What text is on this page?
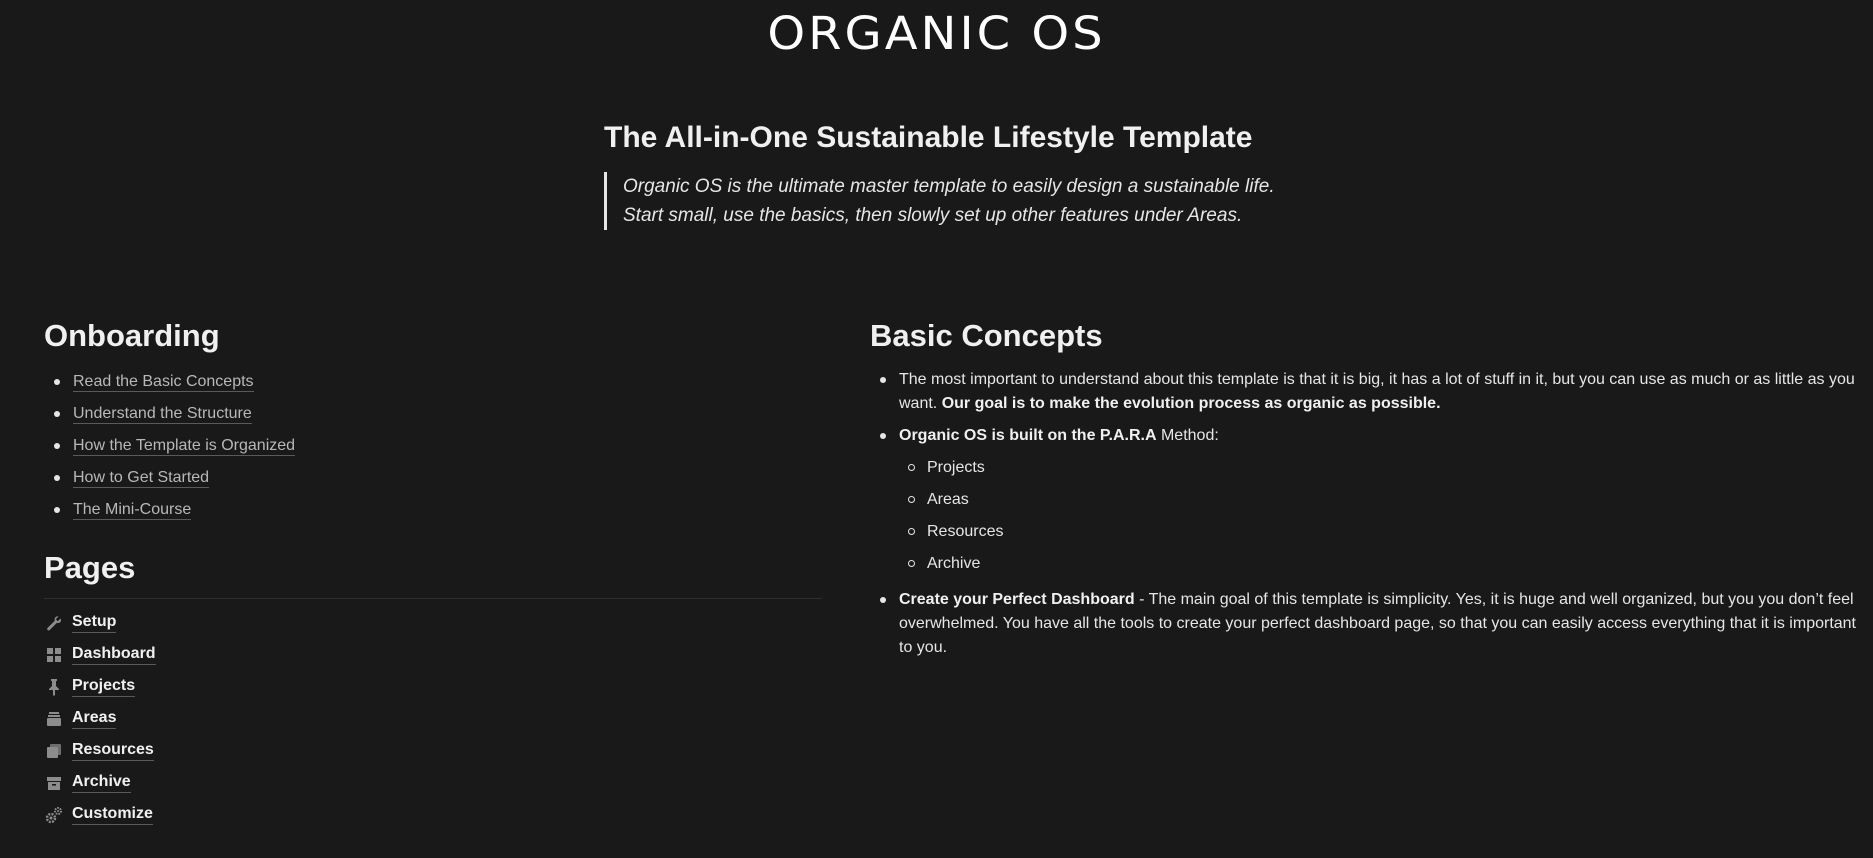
ORGANIC OS
The All-in-One Sustainable Lifestyle Template
Organic OS is the ultimate master template to easily design a sustainable life.
Start small, use the basics, then slowly set up other features under Areas.
Onboarding
Read the Basic Concepts
Understand the Structure
How the Template is Organized
How to Get Started
The Mini-Course
Pages
Setup
Dashboard
Projects
Areas
Resources
Archive
Customize
Basic Concepts
The most important to understand about this template is that it is big, it has a lot of stuff in it, but you can use as much or as little as you want. Our goal is to make the evolution process as organic as possible.
Organic OS is built on the P.A.R.A Method:
Projects
Areas
Resources
Archive
Create your Perfect Dashboard - The main goal of this template is simplicity. Yes, it is huge and well organized, but you you don’t feel overwhelmed. You have all the tools to create your perfect dashboard page, so that you can easily access everything that it is important to you.
